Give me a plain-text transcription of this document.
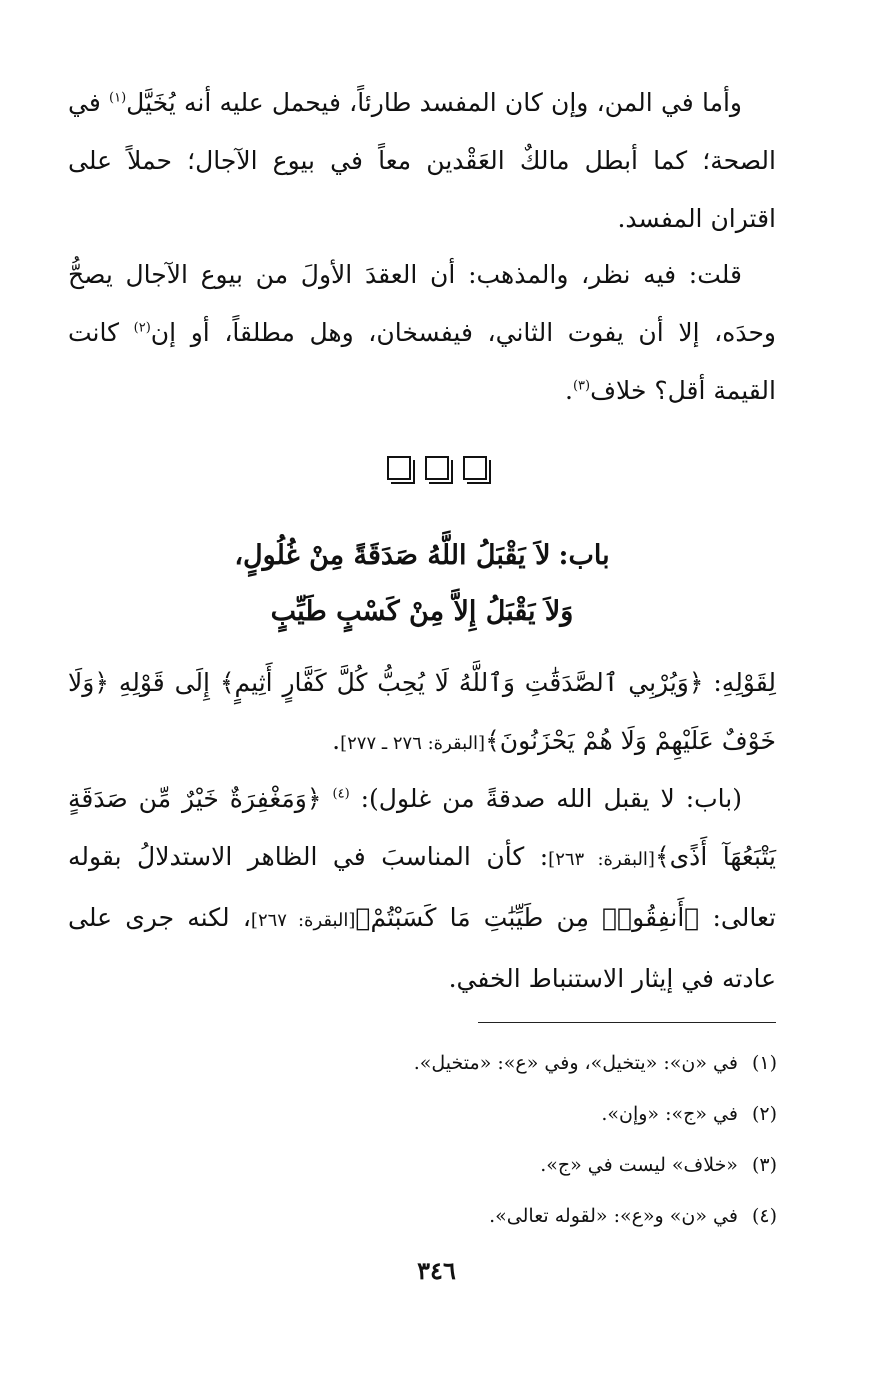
وأما في المن، وإن كان المفسد طارئاً، فيحمل عليه أنه يُخَيَّل$^{(١)}$ في الصحة؛ كما أبطل مالكٌ العَقْدين معاً في بيوع الآجال؛ حملاً على اقتران المفسد.

قلت: فيه نظر، والمذهب: أن العقدَ الأولَ من بيوع الآجال يصحُّ وحدَه، إلا أن يفوت الثاني، فيفسخان، وهل مطلقاً، أو إن$^{(٢)}$ كانت القيمة أقل؟ خلاف$^{(٣)}$.

باب:لاَ يَقْبَلُ اللَّهُ صَدَقَةً مِنْ غُلُولٍ،
وَلاَ يَقْبَلُ إِلاَّ مِنْ كَسْبٍ طَيِّبٍ

لِقَوْلِهِ: ﴿وَيُرْبِي ٱلصَّدَقَٰتِ وَٱللَّهُ لَا يُحِبُّ كُلَّ كَفَّارٍ أَثِيمٍ﴾ إِلَى قَوْلِهِ ﴿وَلَا خَوْفٌ عَلَيْهِمْ وَلَا هُمْ يَحْزَنُونَ﴾[البقرة: ٢٧٦ ـ ٢٧٧].

(باب: لا يقبل الله صدقةً من غلول): $^{(٤)}$ ﴿وَمَغْفِرَةٌ خَيْرٌ مِّن صَدَقَةٍ يَتْبَعُهَآ أَذًى﴾[البقرة: ٢٦٣]: كأن المناسبَ في الظاهر الاستدلالُ بقوله تعالى: ﴿أَنفِقُوا۟ مِن طَيِّبَٰتِ مَا كَسَبْتُمْ﴾[البقرة: ٢٦٧]، لكنه جرى على عادته في إيثار الاستنباط الخفي.

(١)في «ن»: «يتخيل»، وفي «ع»: «متخيل».
(٢)في «ج»: «وإن».
(٣)«خلاف» ليست في «ج».
(٤)في «ن» و«ع»: «لقوله تعالى».
٣٤٦
